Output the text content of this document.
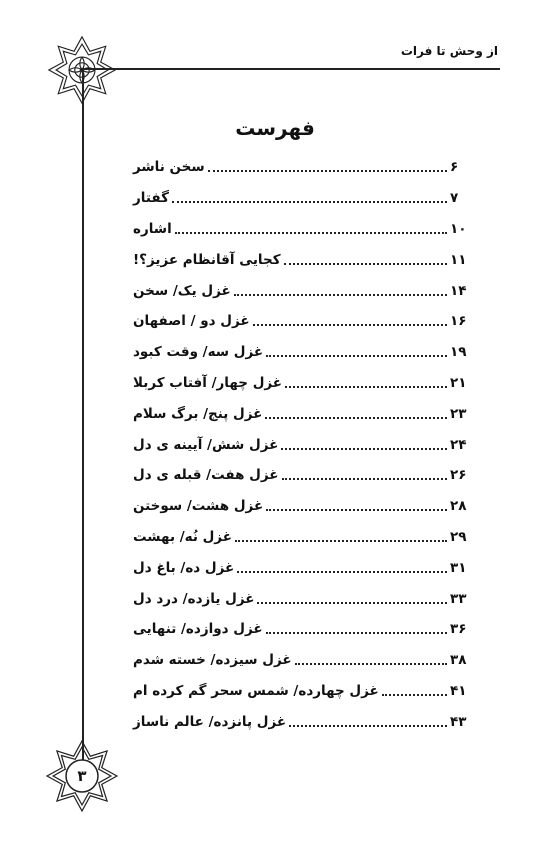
از وحش تا فرات
۳
فهرست
سخن ناشر	۶
گفتار	۷
اشاره	۱۰
کجایی آقانظام عزیز؟!	۱۱
غزل یک/ سخن	۱۴
غزل دو / اصفهان	۱۶
غزل سه/ وقت کبود	۱۹
غزل چهار/ آفتاب کربلا	۲۱
غزل پنج/ برگ سلام	۲۳
غزل شش/ آیینه ی دل	۲۴
غزل هفت/ قبله ی دل	۲۶
غزل هشت/ سوختن	۲۸
غزل نُه/ بهشت	۲۹
غزل ده/ باغ دل	۳۱
غزل یازده/ درد دل	۳۳
غزل دوازده/ تنهایی	۳۶
غزل سیزده/ خسته شدم	۳۸
غزل چهارده/ شمس سحر گم کرده ام	۴۱
غزل پانزده/ عالم ناساز	۴۳
